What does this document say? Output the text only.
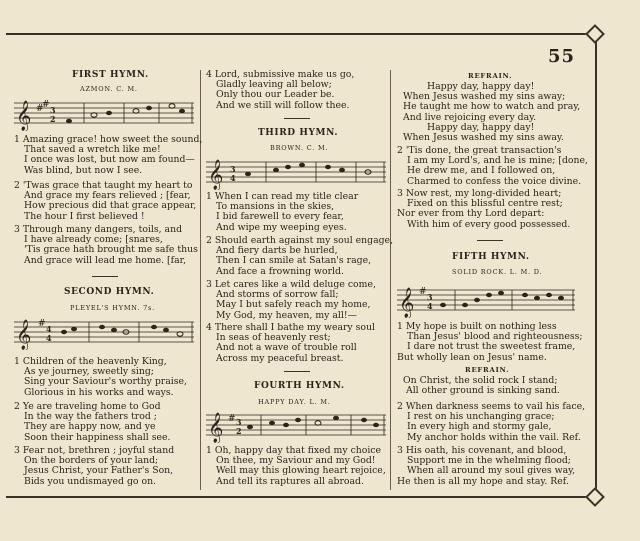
55
FIRST HYMN.
AZMON. C. M.
𝄞 #
# 3
2
1 Amazing grace! how sweet the sound,
That saved a wretch like me!
I once was lost, but now am found—
Was blind, but now I see.
2 'Twas grace that taught my heart to
And grace my fears relieved ; [fear,
How precious did that grace appear,
The hour I first believed !
3 Through many dangers, toils, and
I have already come; [snares,
'Tis grace hath brought me safe thus
And grace will lead me home. [far,
SECOND HYMN.
PLEYEL'S HYMN. 7s.
𝄞 # 4
4
1 Children of the heavenly King,
As ye journey, sweetly sing;
Sing your Saviour's worthy praise,
Glorious in his works and ways.
2 Ye are traveling home to God
In the way the fathers trod ;
They are happy now, and ye
Soon their happiness shall see.
3 Fear not, brethren ; joyful stand
On the borders of your land;
Jesus Christ, your Father's Son,
Bids you undismayed go on.
4 Lord, submissive make us go,
Gladly leaving all below;
Only thou our Leader be.
And we still will follow thee.
THIRD HYMN.
BROWN. C. M.
𝄞 3
4
1 When I can read my title clear
To mansions in the skies,
I bid farewell to every fear,
And wipe my weeping eyes.
2 Should earth against my soul engage,
And fiery darts be hurled,
Then I can smile at Satan's rage,
And face a frowning world.
3 Let cares like a wild deluge come,
And storms of sorrow fall;
May I but safely reach my home,
My God, my heaven, my all!—
4 There shall I bathe my weary soul
In seas of heavenly rest;
And not a wave of trouble roll
Across my peaceful breast.
FOURTH HYMN.
HAPPY DAY. L. M.
𝄞 # 3
2
1 Oh, happy day that fixed my choice
On thee, my Saviour and my God!
Well may this glowing heart rejoice,
And tell its raptures all abroad.
REFRAIN.
Happy day, happy day!
When Jesus washed my sins away;
He taught me how to watch and pray,
And live rejoicing every day.
Happy day, happy day!
When Jesus washed my sins away.
2 'Tis done, the great transaction's
I am my Lord's, and he is mine; [done,
He drew me, and I followed on,
Charmed to confess the voice divine.
3 Now rest, my long-divided heart;
Fixed on this blissful centre rest;
Nor ever from thy Lord depart:
With him of every good possessed.
FIFTH HYMN.
SOLID ROCK. L. M. D.
𝄞 # 3
4
1 My hope is built on nothing less
Than Jesus' blood and righteousness;
I dare not trust the sweetest frame,
But wholly lean on Jesus' name.
REFRAIN.
On Christ, the solid rock I stand;
All other ground is sinking sand.
2 When darkness seems to vail his face,
I rest on his unchanging grace;
In every high and stormy gale,
My anchor holds within the vail. Ref.
3 His oath, his covenant, and blood,
Support me in the whelming flood;
When all around my soul gives way,
He then is all my hope and stay. Ref.
